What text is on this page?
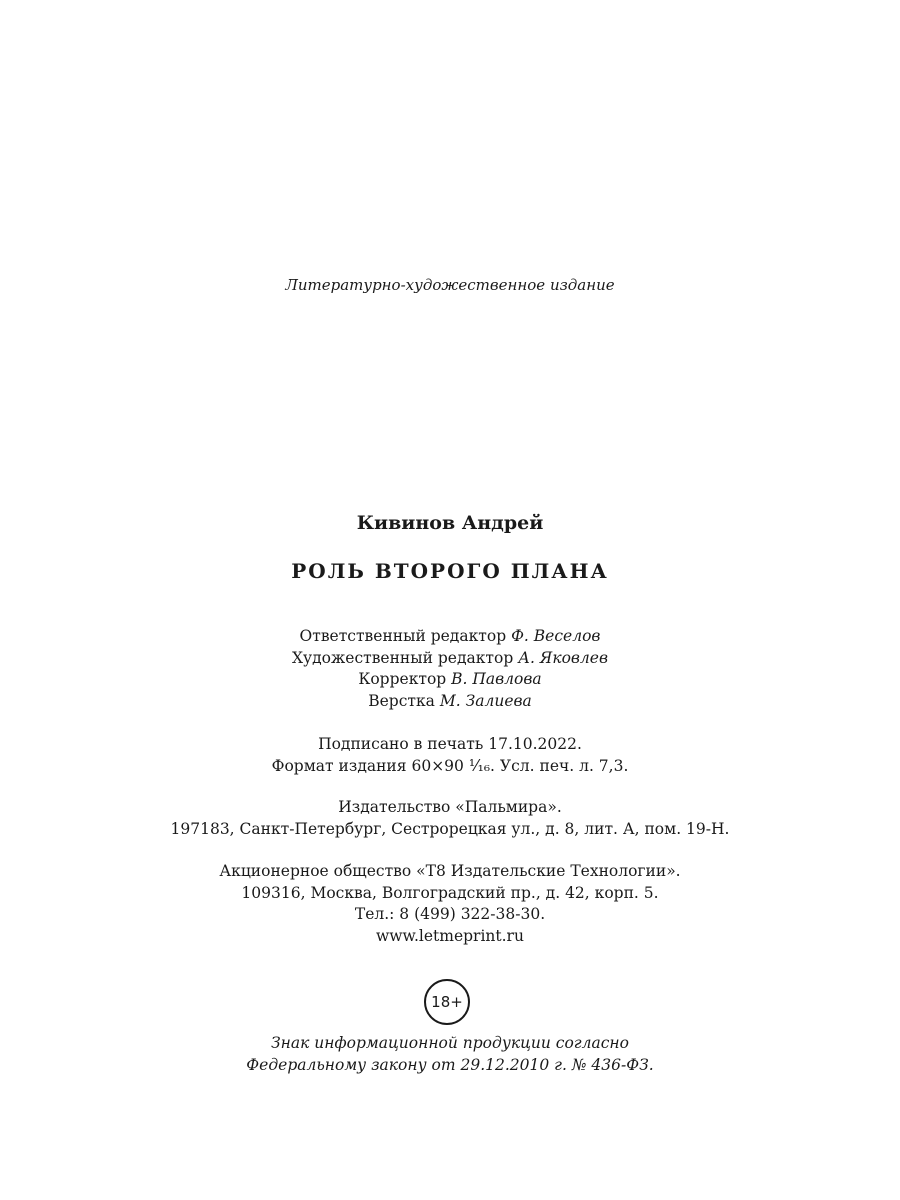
Литературно-художественное издание
Кивинов Андрей
РОЛЬ ВТОРОГО ПЛАНА
Ответственный редактор Ф. Веселов
Художественный редактор А. Яковлев
Корректор В. Павлова
Верстка М. Залиева
Подписано в печать 17.10.2022.
Формат издания 60×90 ¹⁄₁₆. Усл. печ. л. 7,3.
Издательство «Пальмира».
197183, Санкт-Петербург, Сестрорецкая ул., д. 8, лит. А, пом. 19-Н.
Акционерное общество «Т8 Издательские Технологии».
109316, Москва, Волгоградский пр., д. 42, корп. 5.
Тел.: 8 (499) 322-38-30.
www.letmeprint.ru
18+
Знак информационной продукции согласно
Федеральному закону от 29.12.2010 г. № 436-ФЗ.
